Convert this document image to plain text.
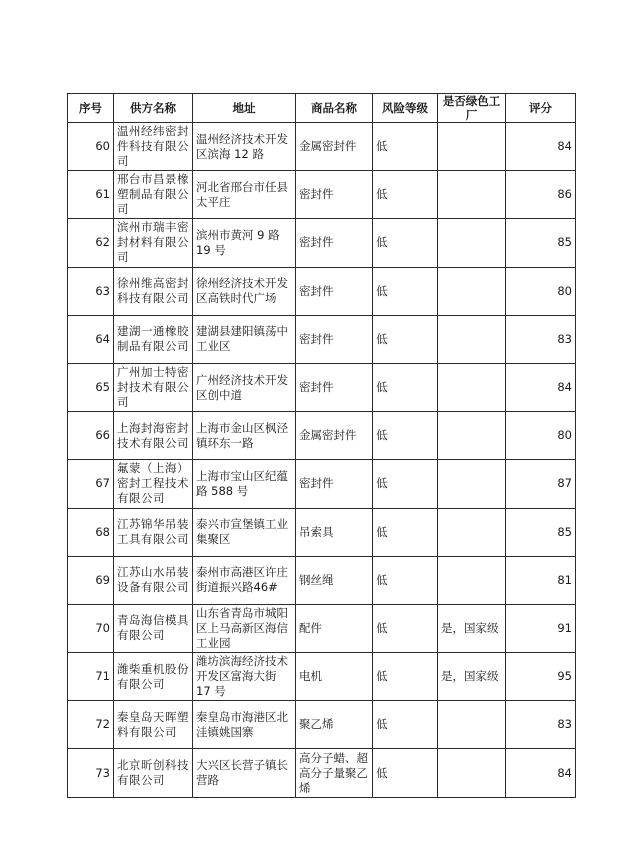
序号	供方名称	地址	商品名称	风险等级	是否绿色工厂	评分
60	温州经纬密封件科技有限公司	温州经济技术开发区滨海 12 路	金属密封件	低		84
61	邢台市昌景橡塑制品有限公司	河北省邢台市任县太平庄	密封件	低		86
62	滨州市瑞丰密封材料有限公司	滨州市黄河 9 路 19 号	密封件	低		85
63	徐州维高密封科技有限公司	徐州经济技术开发区高铁时代广场	密封件	低		80
64	建湖一通橡胶制品有限公司	建湖县建阳镇荡中工业区	密封件	低		83
65	广州加士特密封技术有限公司	广州经济技术开发区创中道	密封件	低		84
66	上海封海密封技术有限公司	上海市金山区枫泾镇环东一路	金属密封件	低		80
67	氟蒙（上海）密封工程技术有限公司	上海市宝山区纪蕴路 588 号	密封件	低		87
68	江苏锦华吊装工具有限公司	泰兴市宣堡镇工业集聚区	吊索具	低		85
69	江苏山水吊装设备有限公司	泰州市高港区许庄街道振兴路46#	钢丝绳	低		81
70	青岛海信模具有限公司	山东省青岛市城阳区上马高新区海信工业园	配件	低	是，国家级	91
71	潍柴重机股份有限公司	潍坊滨海经济技术开发区富海大街 17 号	电机	低	是，国家级	95
72	秦皇岛天晖塑料有限公司	秦皇岛市海港区北洼镇姚国寨	聚乙烯	低		83
73	北京昕创科技有限公司	大兴区长营子镇长营路	高分子蜡、超高分子量聚乙烯	低		84
